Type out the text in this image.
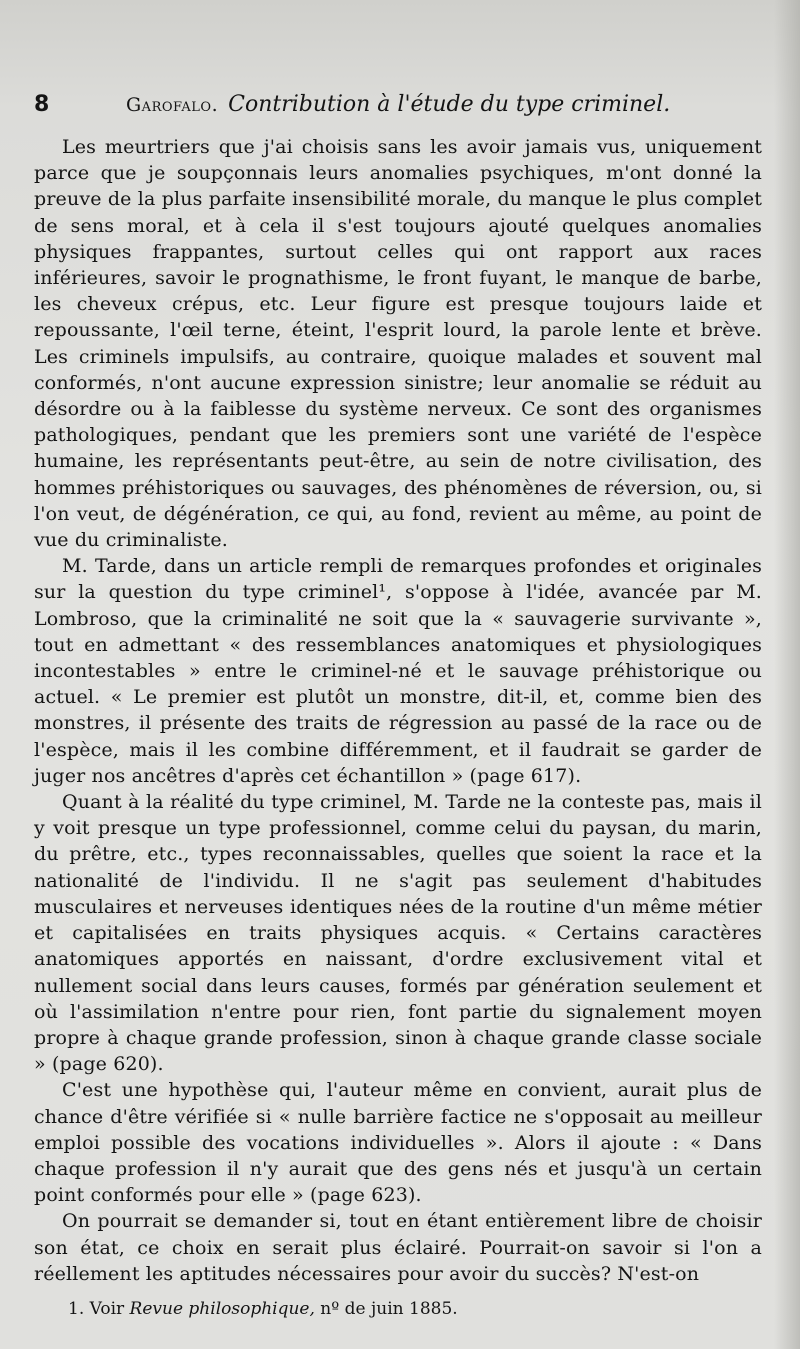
8	Garofalo. Contribution à l'étude du type criminel.

Les meurtriers que j'ai choisis sans les avoir jamais vus, uniquement parce que je soupçonnais leurs anomalies psychiques, m'ont donné la preuve de la plus parfaite insensibilité morale, du manque le plus complet de sens moral, et à cela il s'est toujours ajouté quelques anomalies physiques frappantes, surtout celles qui ont rapport aux races inférieures, savoir le prognathisme, le front fuyant, le manque de barbe, les cheveux crépus, etc. Leur figure est presque toujours laide et repoussante, l'œil terne, éteint, l'esprit lourd, la parole lente et brève. Les criminels impulsifs, au contraire, quoique malades et souvent mal conformés, n'ont aucune expression sinistre; leur anomalie se réduit au désordre ou à la faiblesse du système nerveux. Ce sont des organismes pathologiques, pendant que les premiers sont une variété de l'espèce humaine, les représentants peut-être, au sein de notre civilisation, des hommes préhistoriques ou sauvages, des phénomènes de réversion, ou, si l'on veut, de dégénération, ce qui, au fond, revient au même, au point de vue du criminaliste.

M. Tarde, dans un article rempli de remarques profondes et originales sur la question du type criminel¹, s'oppose à l'idée, avancée par M. Lombroso, que la criminalité ne soit que la « sauvagerie survivante », tout en admettant « des ressemblances anatomiques et physiologiques incontestables » entre le criminel-né et le sauvage préhistorique ou actuel. « Le premier est plutôt un monstre, dit-il, et, comme bien des monstres, il présente des traits de régression au passé de la race ou de l'espèce, mais il les combine différemment, et il faudrait se garder de juger nos ancêtres d'après cet échantillon » (page 617).

Quant à la réalité du type criminel, M. Tarde ne la conteste pas, mais il y voit presque un type professionnel, comme celui du paysan, du marin, du prêtre, etc., types reconnaissables, quelles que soient la race et la nationalité de l'individu. Il ne s'agit pas seulement d'habitudes musculaires et nerveuses identiques nées de la routine d'un même métier et capitalisées en traits physiques acquis. « Certains caractères anatomiques apportés en naissant, d'ordre exclusivement vital et nullement social dans leurs causes, formés par génération seulement et où l'assimilation n'entre pour rien, font partie du signalement moyen propre à chaque grande profession, sinon à chaque grande classe sociale » (page 620).

C'est une hypothèse qui, l'auteur même en convient, aurait plus de chance d'être vérifiée si « nulle barrière factice ne s'opposait au meilleur emploi possible des vocations individuelles ». Alors il ajoute : « Dans chaque profession il n'y aurait que des gens nés et jusqu'à un certain point conformés pour elle » (page 623).

On pourrait se demander si, tout en étant entièrement libre de choisir son état, ce choix en serait plus éclairé. Pourrait-on savoir si l'on a réellement les aptitudes nécessaires pour avoir du succès? N'est-on

1. Voir Revue philosophique, nº de juin 1885.
